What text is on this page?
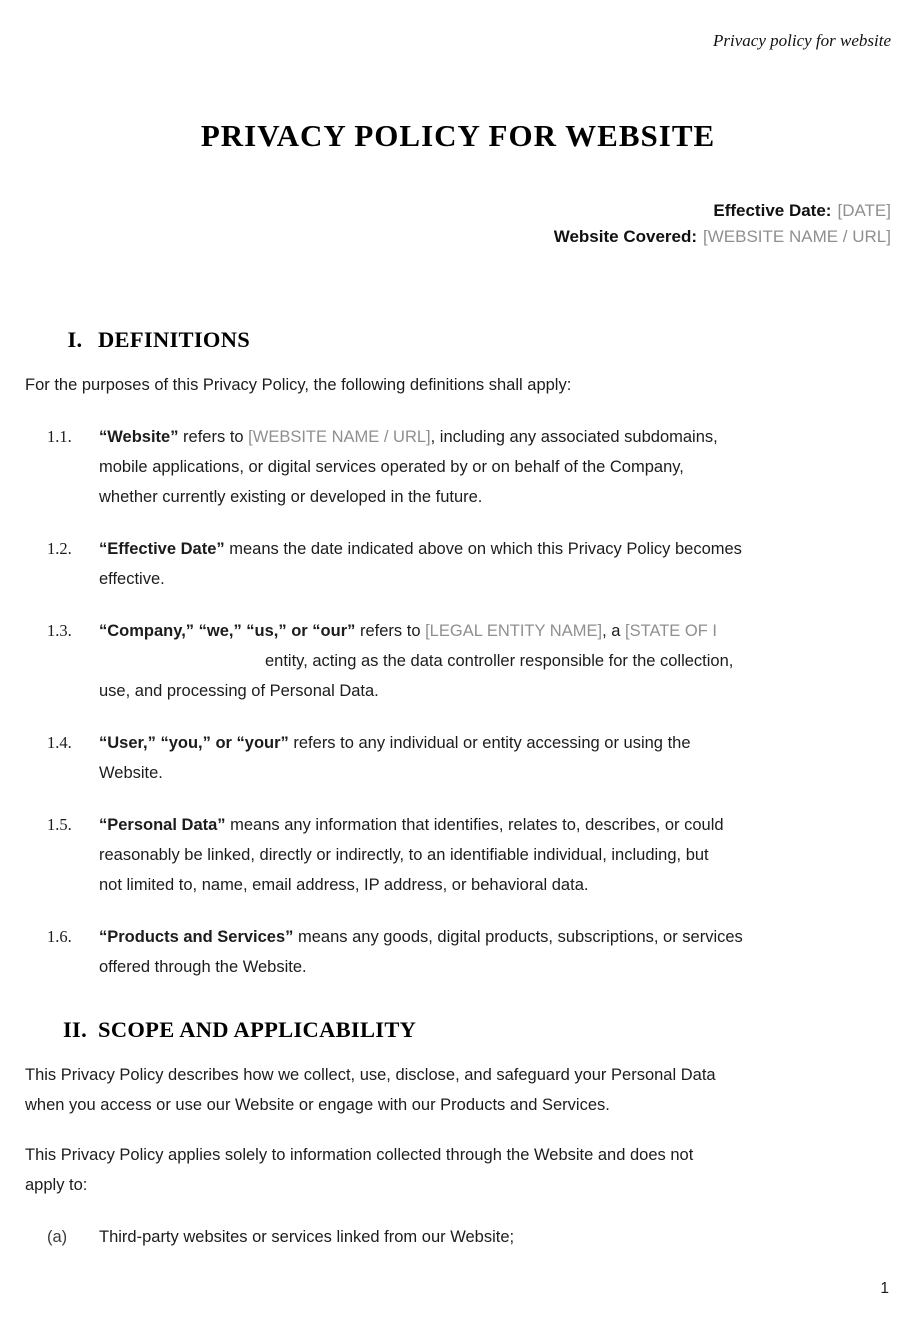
Privacy policy for website
PRIVACY POLICY FOR WEBSITE
Effective Date: [DATE]
Website Covered: [WEBSITE NAME / URL]
I. DEFINITIONS

For the purposes of this Privacy Policy, the following definitions shall apply:

1.1.	“Website” refers to [WEBSITE NAME / URL], including any associated subdomains,
mobile applications, or digital services operated by or on behalf of the Company,
whether currently existing or developed in the future.
1.2.	“Effective Date” means the date indicated above on which this Privacy Policy becomes
effective.
1.3.	“Company,” “we,” “us,” or “our” refers to [LEGAL ENTITY NAME], a [STATE OF I
entity, acting as the data controller responsible for the collection,
use, and processing of Personal Data.
1.4.	“User,” “you,” or “your” refers to any individual or entity accessing or using the
Website.
1.5.	“Personal Data” means any information that identifies, relates to, describes, or could
reasonably be linked, directly or indirectly, to an identifiable individual, including, but
not limited to, name, email address, IP address, or behavioral data.
1.6.	“Products and Services” means any goods, digital products, subscriptions, or services
offered through the Website.
II. SCOPE AND APPLICABILITY

This Privacy Policy describes how we collect, use, disclose, and safeguard your Personal Data
when you access or use our Website or engage with our Products and Services.

This Privacy Policy applies solely to information collected through the Website and does not
apply to:

(a)	Third-party websites or services linked from our Website;
1
